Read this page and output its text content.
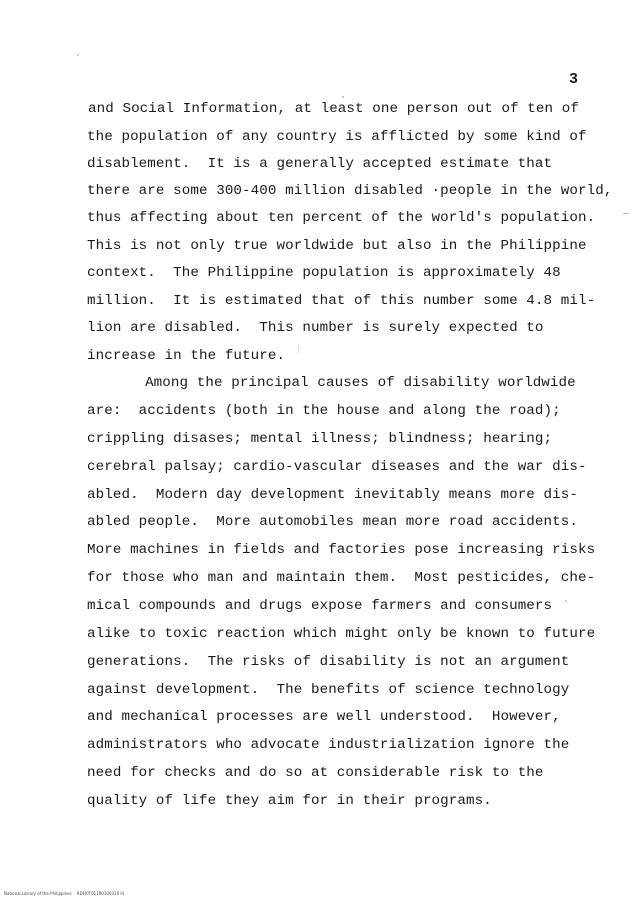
3
and Social Information, at least one person out of ten of
the population of any country is afflicted by some kind of
disablement.  It is a generally accepted estimate that
there are some 300-400 million disabled ·people in the world,
thus affecting about ten percent of the world's population.
This is not only true worldwide but also in the Philippine
context.  The Philippine population is approximately 48
million.  It is estimated that of this number some 4.8 mil-
lion are disabled.  This number is surely expected to
increase in the future.
Among the principal causes of disability worldwide
are:  accidents (both in the house and along the road);
crippling disases; mental illness; blindness; hearing;
cerebral palsay; cardio-vascular diseases and the war dis-
abled.  Modern day development inevitably means more dis-
abled people.  More automobiles mean more road accidents.
More machines in fields and factories pose increasing risks
for those who man and maintain them.  Most pesticides, che-
mical compounds and drugs expose farmers and consumers
alike to toxic reaction which might only be known to future
generations.  The risks of disability is not an argument
against development.  The benefits of science technology
and mechanical processes are well understood.  However,
administrators who advocate industrialization ignore the
need for checks and do so at considerable risk to the
quality of life they aim for in their programs.
National Library of the Philippines    RDFI0T01190100310 lit
